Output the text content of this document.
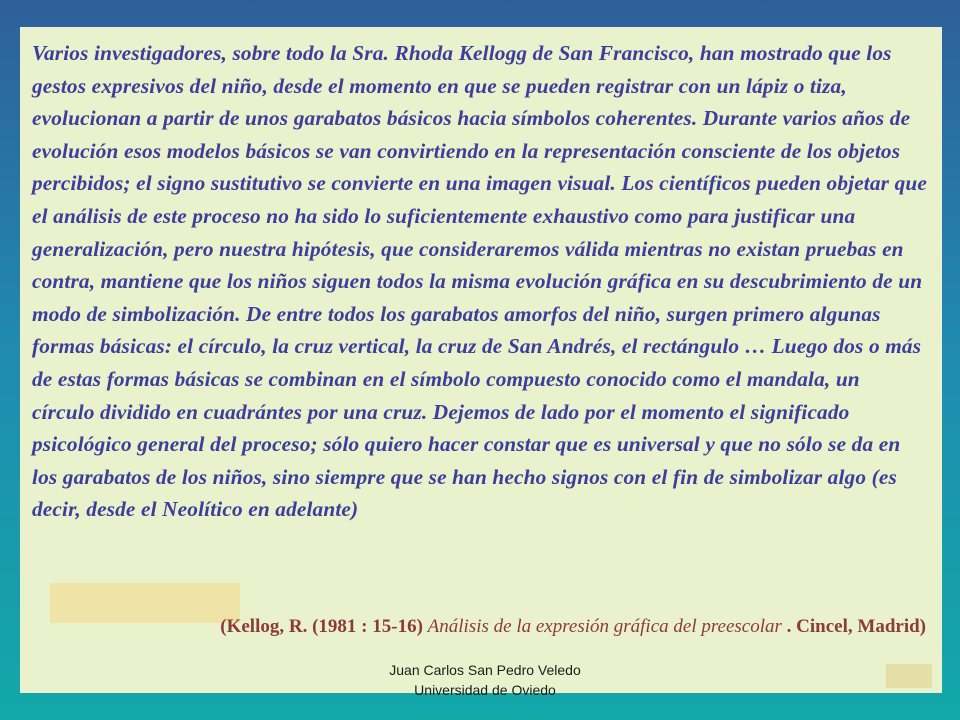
Varios investigadores, sobre todo la Sra. Rhoda Kellogg de San Francisco, han mostrado que los gestos expresivos del niño, desde el momento en que se pueden registrar con un lápiz o tiza, evolucionan a partir de unos garabatos básicos hacia símbolos coherentes. Durante varios años de evolución esos modelos básicos se van convirtiendo en la representación consciente de los objetos percibidos; el signo sustitutivo se convierte en una imagen visual. Los científicos pueden objetar que el análisis de este proceso no ha sido lo suficientemente exhaustivo como para justificar una generalización, pero nuestra hipótesis, que consideraremos válida mientras no existan pruebas en contra, mantiene que los niños siguen todos la misma evolución gráfica en su descubrimiento de un modo de simbolización. De entre todos los garabatos amorfos del niño, surgen primero algunas formas básicas: el círculo, la cruz vertical, la cruz de San Andrés, el rectángulo … Luego dos o más de estas formas básicas se combinan en el símbolo compuesto conocido como el mandala, un círculo dividido en cuadrántes por una cruz. Dejemos de lado por el momento el significado psicológico general del proceso; sólo quiero hacer constar que es universal y que no sólo se da en los garabatos de los niños, sino siempre que se han hecho signos con el fin de simbolizar algo (es decir, desde el Neolítico en adelante)

(Kellog, R. (1981 : 15-16) Análisis de la expresión gráfica del preescolar . Cincel, Madrid)

Juan Carlos San Pedro Veledo
Universidad de Oviedo
